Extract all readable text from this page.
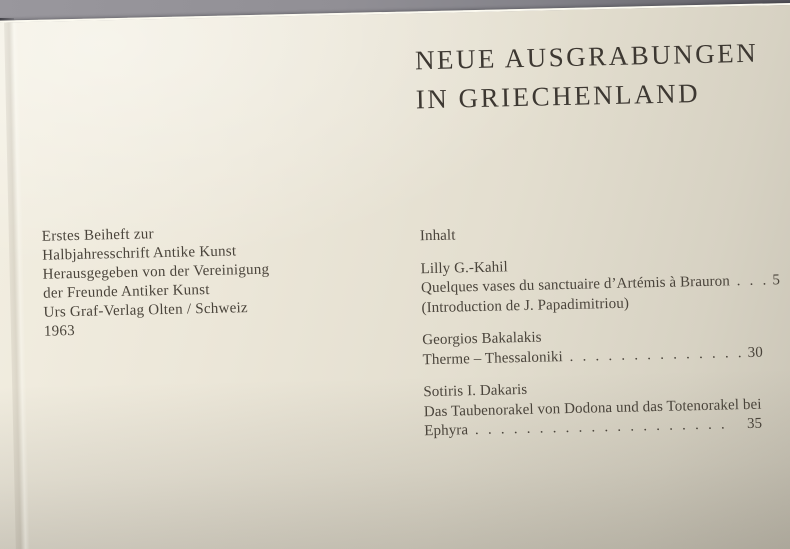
NEUE AUSGRABUNGEN
IN GRIECHENLAND
Erstes Beiheft zur
Halbjahresschrift Antike Kunst
Herausgegeben von der Vereinigung
der Freunde Antiker Kunst
Urs Graf-Verlag Olten / Schweiz
1963
Inhalt
Lilly G.-Kahil
Quelques vases du sanctuaire d’Artémis à Brauron . . . 5
(Introduction de J. Papadimitriou)
Georgios Bakalakis
Therme – Thessaloniki . . . . . . . . . . . . . . 30
Sotiris I. Dakaris
Das Taubenorakel von Dodona und das Totenorakel bei
Ephyra . . . . . . . . . . . . . . . . . . . .	35
